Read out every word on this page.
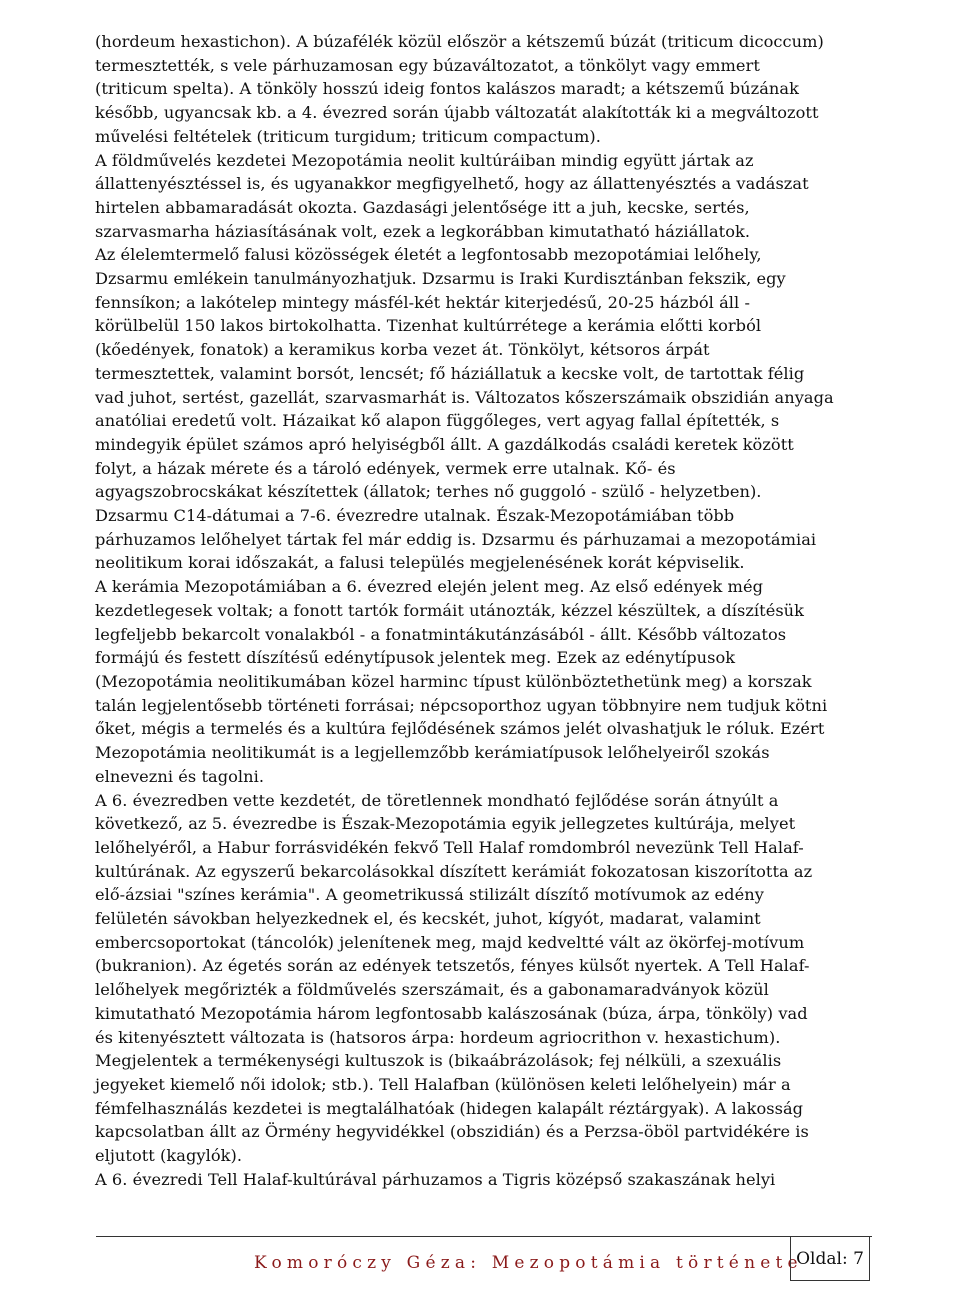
(hordeum hexastichon). A búzafélék közül először a kétszemű búzát (triticum dicoccum)

termesztették, s vele párhuzamosan egy búzaváltozatot, a tönkölyt vagy emmert

(triticum spelta). A tönköly hosszú ideig fontos kalászos maradt; a kétszemű búzának

később, ugyancsak kb. a 4. évezred során újabb változatát alakították ki a megváltozott

művelési feltételek (triticum turgidum; triticum compactum).

A földművelés kezdetei Mezopotámia neolit kultúráiban mindig együtt jártak az

állattenyésztéssel is, és ugyanakkor megfigyelhető, hogy az állattenyésztés a vadászat

hirtelen abbamaradását okozta. Gazdasági jelentősége itt a juh, kecske, sertés,

szarvasmarha háziasításának volt, ezek a legkorábban kimutatható háziállatok.

Az élelemtermelő falusi közösségek életét a legfontosabb mezopotámiai lelőhely,

Dzsarmu emlékein tanulmányozhatjuk. Dzsarmu is Iraki Kurdisztánban fekszik, egy

fennsíkon; a lakótelep mintegy másfél-két hektár kiterjedésű, 20-25 házból áll -

körülbelül 150 lakos birtokolhatta. Tizenhat kultúrrétege a kerámia előtti korból

(kőedények, fonatok) a keramikus korba vezet át. Tönkölyt, kétsoros árpát

termesztettek, valamint borsót, lencsét; fő háziállatuk a kecske volt, de tartottak félig

vad juhot, sertést, gazellát, szarvasmarhát is. Változatos kőszerszámaik obszidián anyaga

anatóliai eredetű volt. Házaikat kő alapon függőleges, vert agyag fallal építették, s

mindegyik épület számos apró helyiségből állt. A gazdálkodás családi keretek között

folyt, a házak mérete és a tároló edények, vermek erre utalnak. Kő- és

agyagszobrocskákat készítettek (állatok; terhes nő guggoló - szülő - helyzetben).

Dzsarmu C14-dátumai a 7-6. évezredre utalnak. Észak-Mezopotámiában több

párhuzamos lelőhelyet tártak fel már eddig is. Dzsarmu és párhuzamai a mezopotámiai

neolitikum korai időszakát, a falusi település megjelenésének korát képviselik.

A kerámia Mezopotámiában a 6. évezred elején jelent meg. Az első edények még

kezdetlegesek voltak; a fonott tartók formáit utánozták, kézzel készültek, a díszítésük

legfeljebb bekarcolt vonalakból - a fonatmintákutánzásából - állt. Később változatos

formájú és festett díszítésű edénytípusok jelentek meg. Ezek az edénytípusok

(Mezopotámia neolitikumában közel harminc típust különböztethetünk meg) a korszak

talán legjelentősebb történeti forrásai; népcsoporthoz ugyan többnyire nem tudjuk kötni

őket, mégis a termelés és a kultúra fejlődésének számos jelét olvashatjuk le róluk. Ezért

Mezopotámia neolitikumát is a legjellemzőbb kerámiatípusok lelőhelyeiről szokás

elnevezni és tagolni.

A 6. évezredben vette kezdetét, de töretlennek mondható fejlődése során átnyúlt a

következő, az 5. évezredbe is Észak-Mezopotámia egyik jellegzetes kultúrája, melyet

lelőhelyéről, a Habur forrásvidékén fekvő Tell Halaf romdombról nevezünk Tell Halaf-

kultúrának. Az egyszerű bekarcolásokkal díszített kerámiát fokozatosan kiszorította az

elő-ázsiai "színes kerámia". A geometrikussá stilizált díszítő motívumok az edény

felületén sávokban helyezkednek el, és kecskét, juhot, kígyót, madarat, valamint

embercsoportokat (táncolók) jelenítenek meg, majd kedveltté vált az ökörfej-motívum

(bukranion). Az égetés során az edények tetszetős, fényes külsőt nyertek. A Tell Halaf-

lelőhelyek megőrizték a földművelés szerszámait, és a gabonamaradványok közül

kimutatható Mezopotámia három legfontosabb kalászosának (búza, árpa, tönköly) vad

és kitenyésztett változata is (hatsoros árpa: hordeum agriocrithon v. hexastichum).

Megjelentek a termékenységi kultuszok is (bikaábrázolások; fej nélküli, a szexuális

jegyeket kiemelő női idolok; stb.). Tell Halafban (különösen keleti lelőhelyein) már a

fémfelhasználás kezdetei is megtalálhatóak (hidegen kalapált réztárgyak). A lakosság

kapcsolatban állt az Örmény hegyvidékkel (obszidián) és a Perzsa-öböl partvidékére is

eljutott (kagylók).

A 6. évezredi Tell Halaf-kultúrával párhuzamos a Tigris középső szakaszának helyi

Komoróczy Géza: Mezopotámia története
Oldal: 7
